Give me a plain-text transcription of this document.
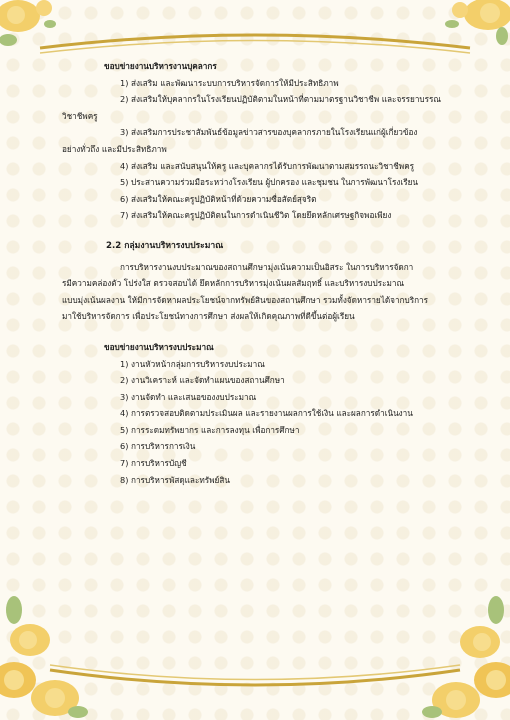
ขอบข่ายงานบริหารงานบุคลากร

1) ส่งเสริม และพัฒนาระบบการบริหารจัดการให้มีประสิทธิภาพ

2) ส่งเสริมให้บุคลากรในโรงเรียนปฏิบัติตามในหน้าที่ตามมาตรฐานวิชาชีพ และจรรยาบรรณ

วิชาชีพครู

3) ส่งเสริมการประชาสัมพันธ์ข้อมูลข่าวสารของบุคลากรภายในโรงเรียนแก่ผู้เกี่ยวข้อง

อย่างทั่วถึง และมีประสิทธิภาพ

4) ส่งเสริม และสนับสนุนให้ครู และบุคลากรได้รับการพัฒนาตามสมรรถนะวิชาชีพครู

5) ประสานความร่วมมือระหว่างโรงเรียน ผู้ปกครอง และชุมชน ในการพัฒนาโรงเรียน

6) ส่งเสริมให้คณะครูปฏิบัติหน้าที่ด้วยความซื่อสัตย์สุจริต

7) ส่งเสริมให้คณะครูปฏิบัติตนในการดำเนินชีวิต โดยยึดหลักเศรษฐกิจพอเพียง

2.2 กลุ่มงานบริหารงบประมาณ

การบริหารงานงบประมาณของสถานศึกษามุ่งเน้นความเป็นอิสระ ในการบริหารจัดกา

รมีความคล่องตัว โปร่งใส ตรวจสอบได้ ยึดหลักการบริหารมุ่งเน้นผลสัมฤทธิ์ และบริหารงบประมาณ

แบบมุ่งเน้นผลงาน ให้มีการจัดหาผลประโยชน์จากทรัพย์สินของสถานศึกษา รวมทั้งจัดหารายได้จากบริการ

มาใช้บริหารจัดการ เพื่อประโยชน์ทางการศึกษา ส่งผลให้เกิดคุณภาพที่ดีขึ้นต่อผู้เรียน

ขอบข่ายงานบริหารงบประมาณ

1) งานหัวหน้ากลุ่มการบริหารงบประมาณ

2) งานวิเคราะห์ และจัดทำแผนของสถานศึกษา

3) งานจัดทำ และเสนอของงบประมาณ

4) การตรวจสอบติดตามประเมินผล และรายงานผลการใช้เงิน และผลการดำเนินงาน

5) การระดมทรัพยากร และการลงทุน เพื่อการศึกษา

6) การบริหารการเงิน

7) การบริหารบัญชี

8) การบริหารพัสดุและทรัพย์สิน
